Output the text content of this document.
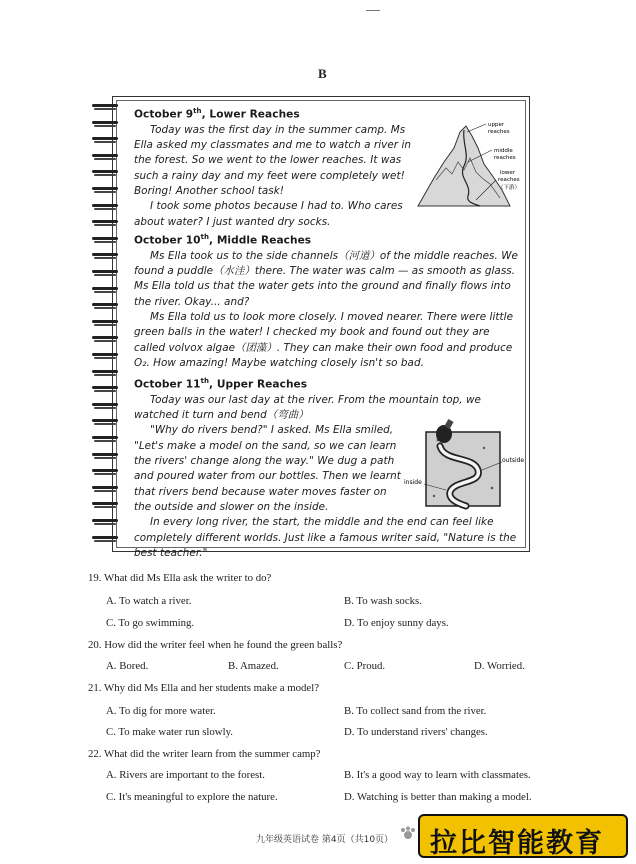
B
October 9th, Lower Reaches

Today was the first day in the summer camp. Ms Ella asked my classmates and me to watch a river in the forest. So we went to the lower reaches. It was such a rainy day and my feet were completely wet! Boring! Another school task!

I took some photos because I had to. Who cares about water? I just wanted dry socks.

upper
reaches
middle
reaches
lower
reaches
（下游）
October 10th, Middle Reaches

Ms Ella took us to the side channels（河道）of the middle reaches. We found a puddle（水洼）there. The water was calm — as smooth as glass. Ms Ella told us that the water gets into the ground and finally flows into the river. Okay... and?

Ms Ella told us to look more closely. I moved nearer. There were little green balls in the water! I checked my book and found out they are called volvox algae（团藻）. They can make their own food and produce O₂. How amazing! Maybe watching closely isn't so bad.

October 11th, Upper Reaches

Today was our last day at the river. From the mountain top, we watched it turn and bend（弯曲）

"Why do rivers bend?" I asked. Ms Ella smiled, "Let's make a model on the sand, so we can learn the rivers' change along the way." We dug a path and poured water from our bottles. Then we learnt that rivers bend because water moves faster on the outside and slower on the inside.

In every long river, the start, the middle and the end can feel like completely different worlds. Just like a famous writer said, "Nature is the best teacher."

outside
inside
19. What did Ms Ella ask the writer to do?
A. To watch a river.	B. To wash socks.
C. To go swimming.	D. To enjoy sunny days.
20. How did the writer feel when he found the green balls?
A. Bored.	B. Amazed.	C. Proud.	D. Worried.
21. Why did Ms Ella and her students make a model?
A. To dig for more water.	B. To collect sand from the river.
C. To make water run slowly.	D. To understand rivers' changes.
22. What did the writer learn from the summer camp?
A. Rivers are important to the forest.	B. It's a good way to learn with classmates.
C. It's meaningful to explore the nature.	D. Watching is better than making a model.
九年级英语试卷 第4页（共10页） 拉比智能教育
